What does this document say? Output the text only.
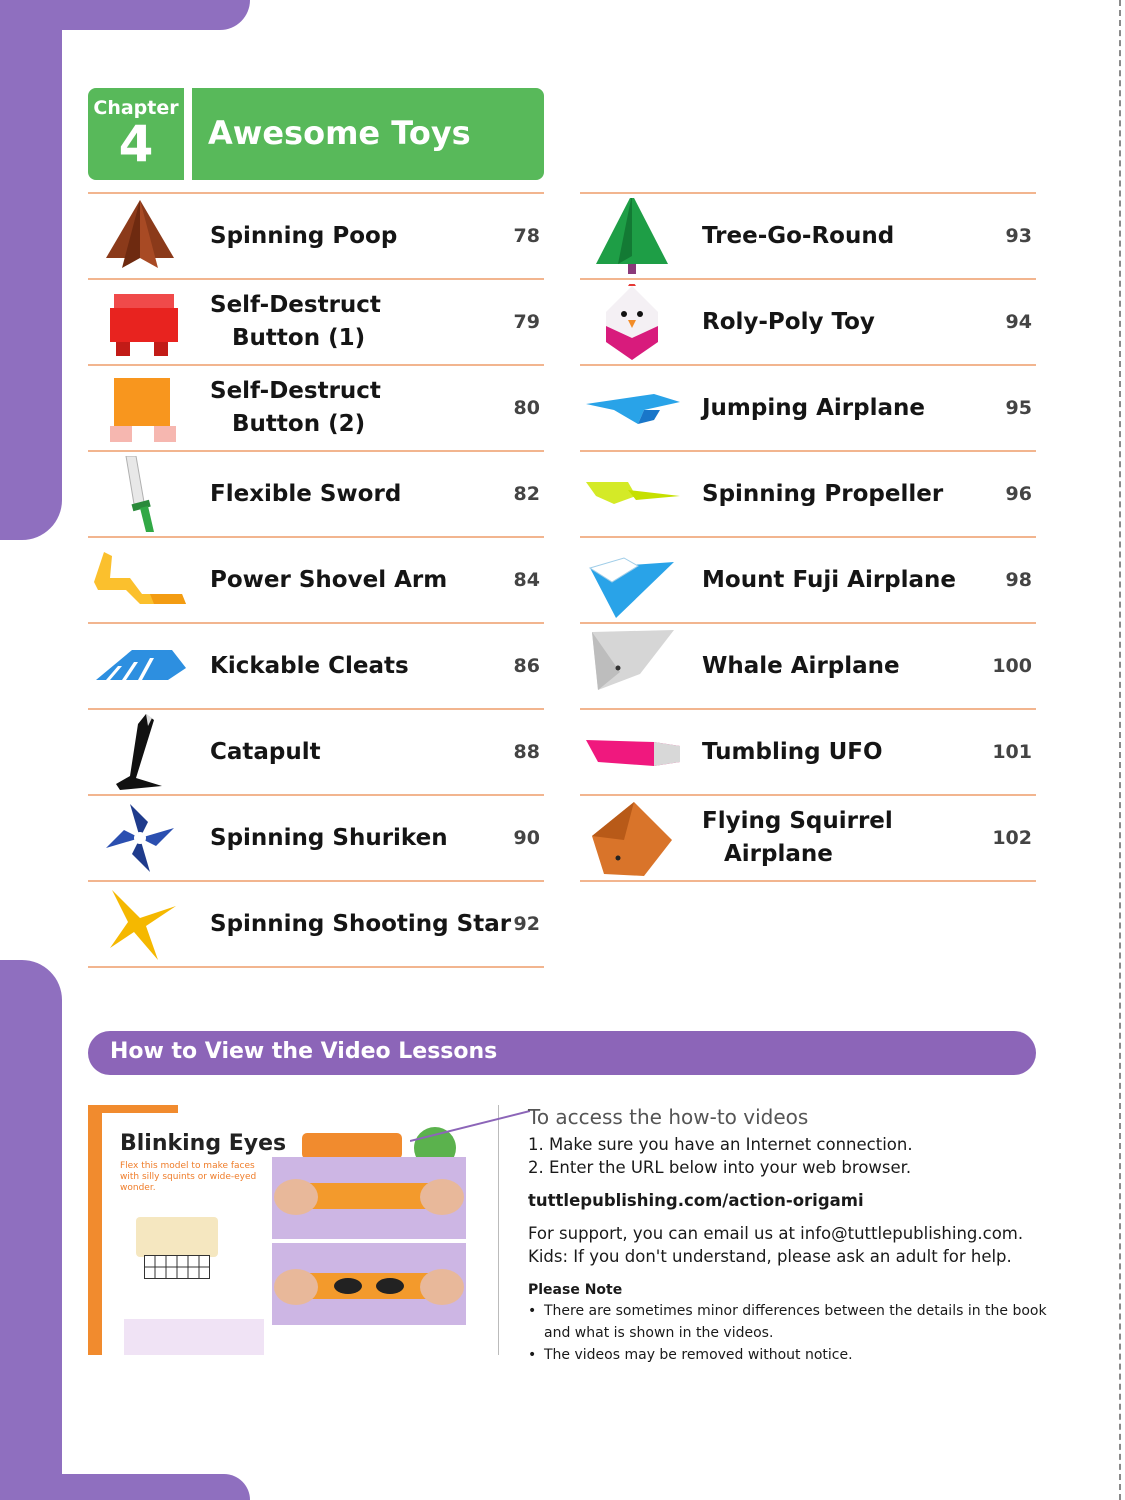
Chapter
4	Awesome Toys
Spinning Poop	78
Self-Destruct
Button (1)
79
Self-Destruct
Button (2)
80
Flexible Sword	82
Power Shovel Arm	84
Kickable Cleats	86
Catapult	88
Spinning Shuriken	90
Spinning Shooting Star 92
Tree-Go-Round	93
Roly-Poly Toy	94
Jumping Airplane	95
Spinning Propeller	96
Mount Fuji Airplane	98
Whale Airplane	100
Tumbling UFO	101
Flying Squirrel
Airplane
102
How to View the Video Lessons
Blinking Eyes
Flex this model to make faces with silly squints or wide-eyed wonder.

To access the how-to videos

1. Make sure you have an Internet connection.

2. Enter the URL below into your web browser.

tuttlepublishing.com/action-origami

For support, you can email us at info@tuttlepublishing.com.

Kids: If you don't understand, please ask an adult for help.

Please Note

• There are sometimes minor differences between the details in the book and what is shown in the videos.

• The videos may be removed without notice.
